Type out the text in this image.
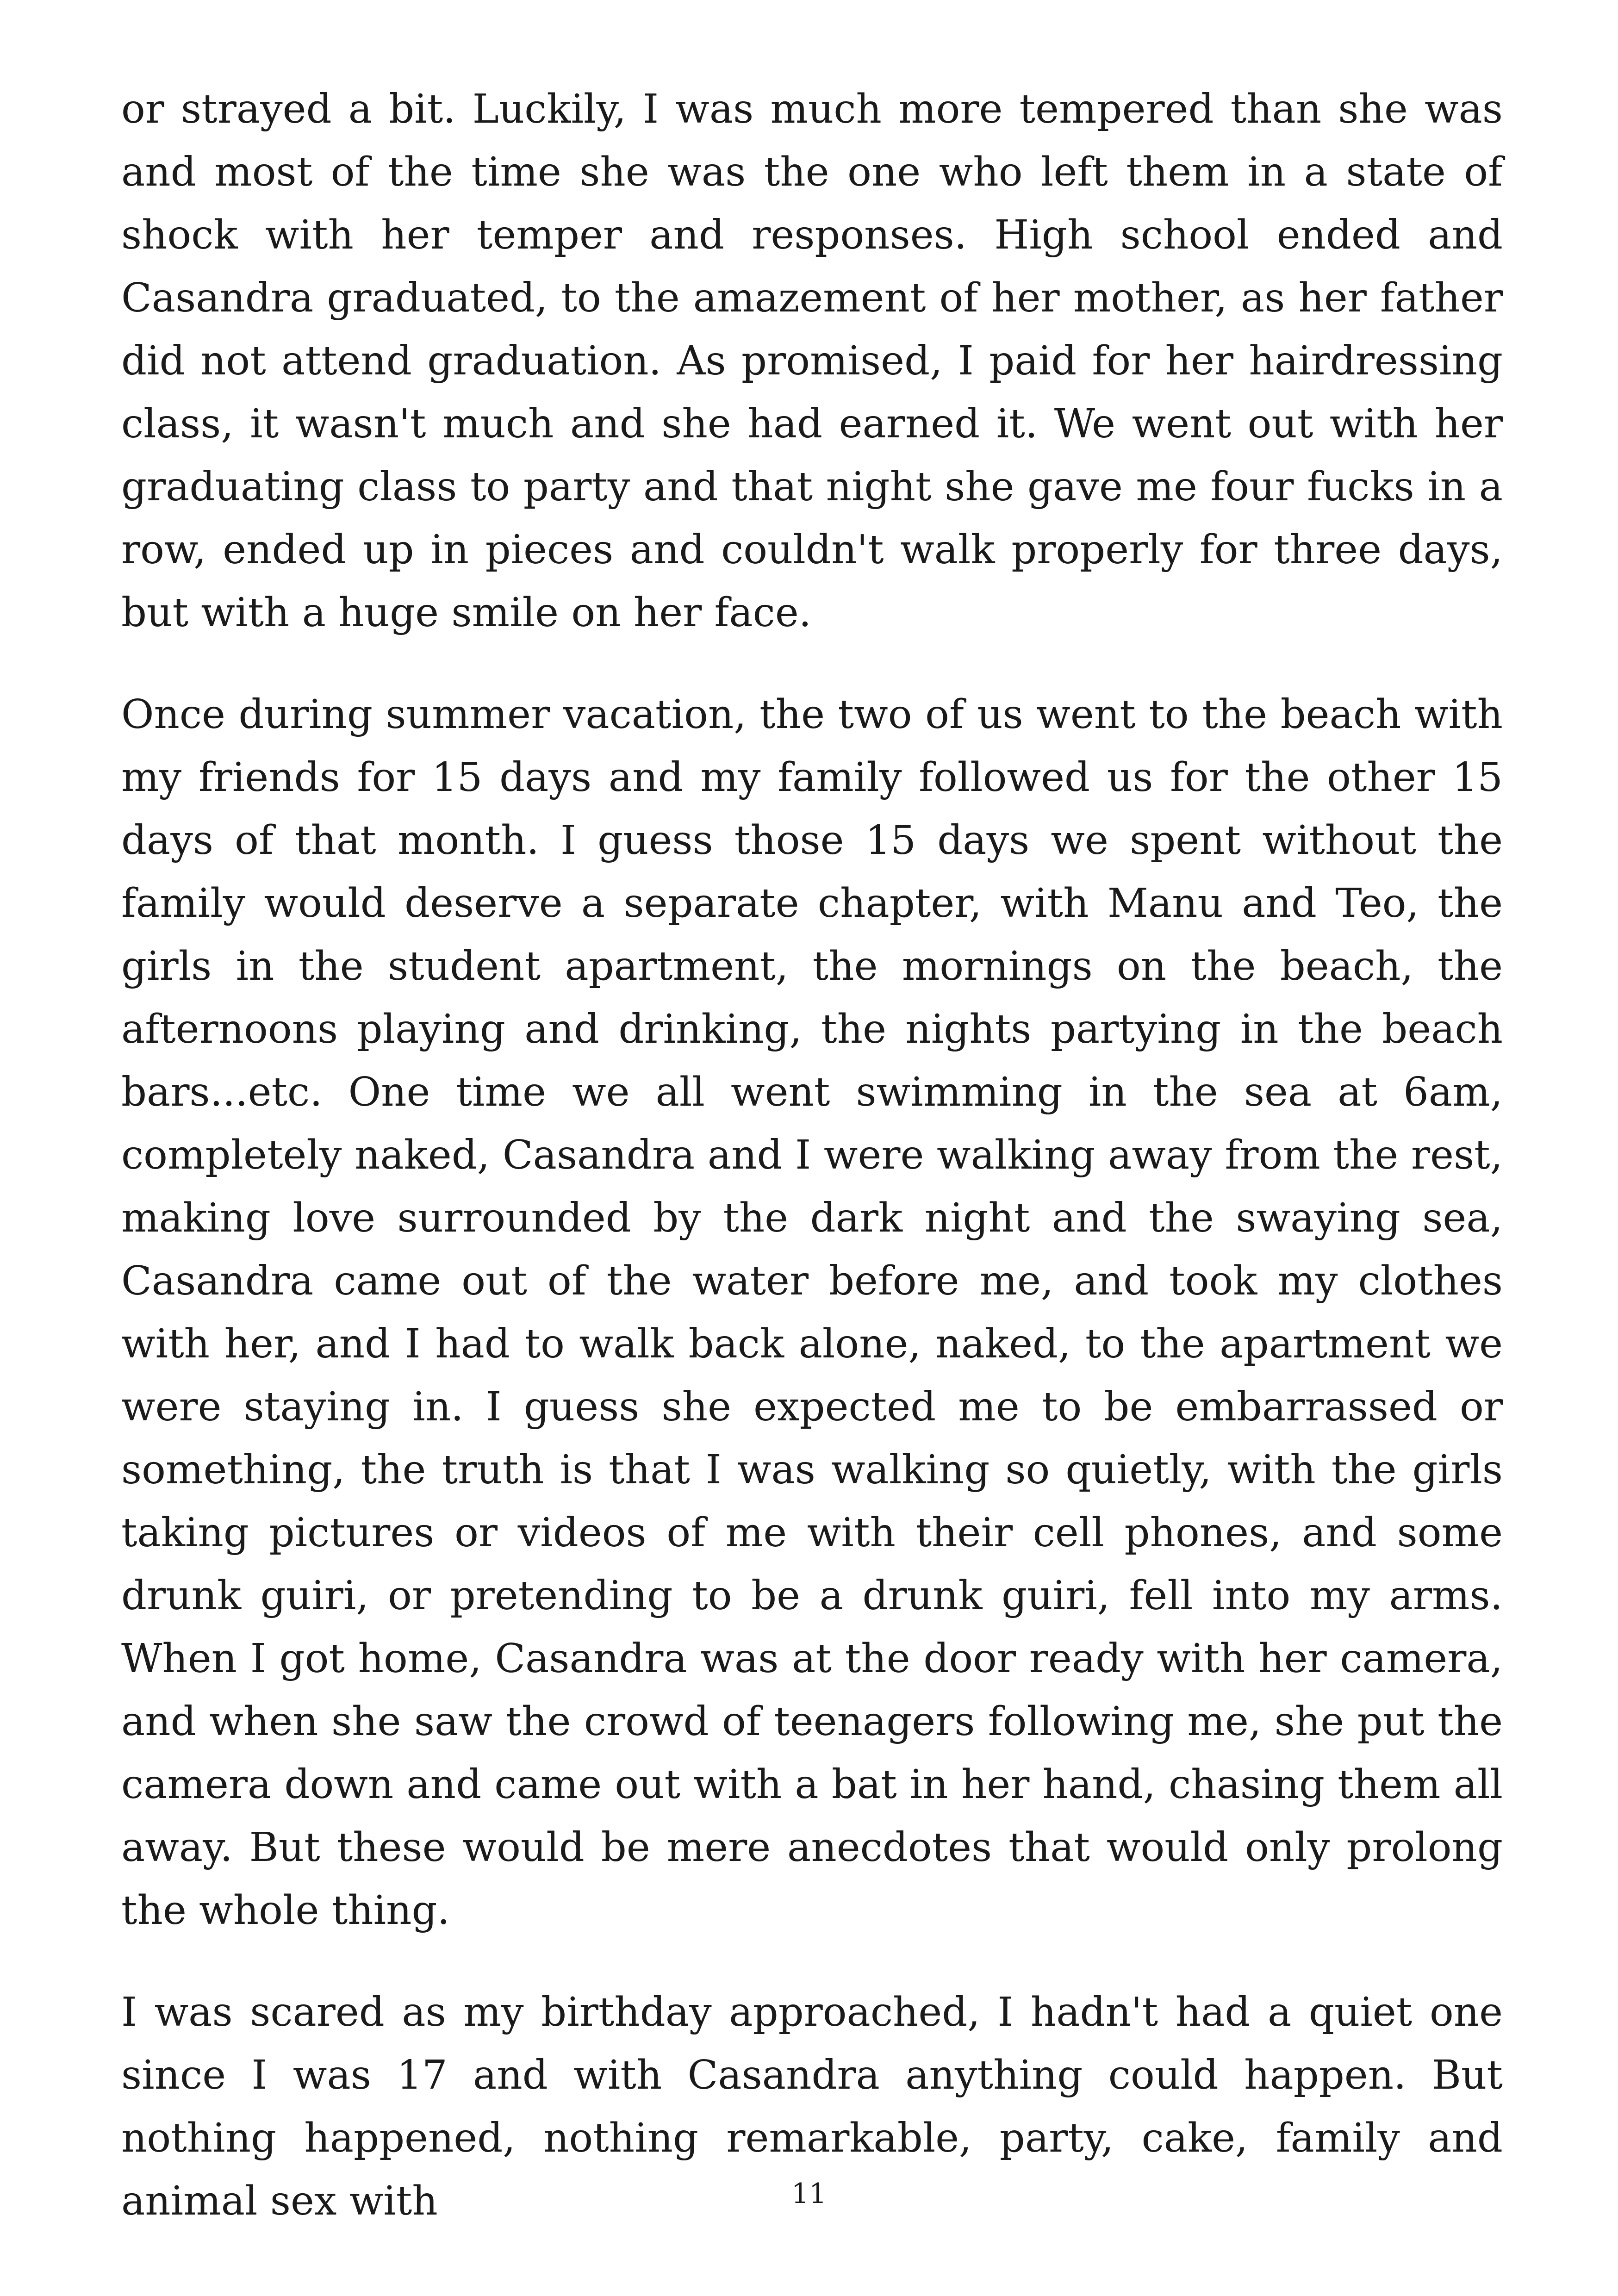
or strayed a bit. Luckily, I was much more tempered than she was and most of the time she was the one who left them in a state of shock with her temper and responses. High school ended and Casandra graduated, to the amazement of her mother, as her father did not attend graduation. As promised, I paid for her hairdressing class, it wasn't much and she had earned it. We went out with her graduating class to party and that night she gave me four fucks in a row, ended up in pieces and couldn't walk properly for three days, but with a huge smile on her face.

Once during summer vacation, the two of us went to the beach with my friends for 15 days and my family followed us for the other 15 days of that month. I guess those 15 days we spent without the family would deserve a separate chapter, with Manu and Teo, the girls in the student apartment, the mornings on the beach, the afternoons playing and drinking, the nights partying in the beach bars...etc. One time we all went swimming in the sea at 6am, completely naked, Casandra and I were walking away from the rest, making love surrounded by the dark night and the swaying sea, Casandra came out of the water before me, and took my clothes with her, and I had to walk back alone, naked, to the apartment we were staying in. I guess she expected me to be embarrassed or something, the truth is that I was walking so quietly, with the girls taking pictures or videos of me with their cell phones, and some drunk guiri, or pretending to be a drunk guiri, fell into my arms. When I got home, Casandra was at the door ready with her camera, and when she saw the crowd of teenagers following me, she put the camera down and came out with a bat in her hand, chasing them all away. But these would be mere anecdotes that would only prolong the whole thing.

I was scared as my birthday approached, I hadn't had a quiet one since I was 17 and with Casandra anything could happen. But nothing happened, nothing remarkable, party, cake, family and animal sex with	11
